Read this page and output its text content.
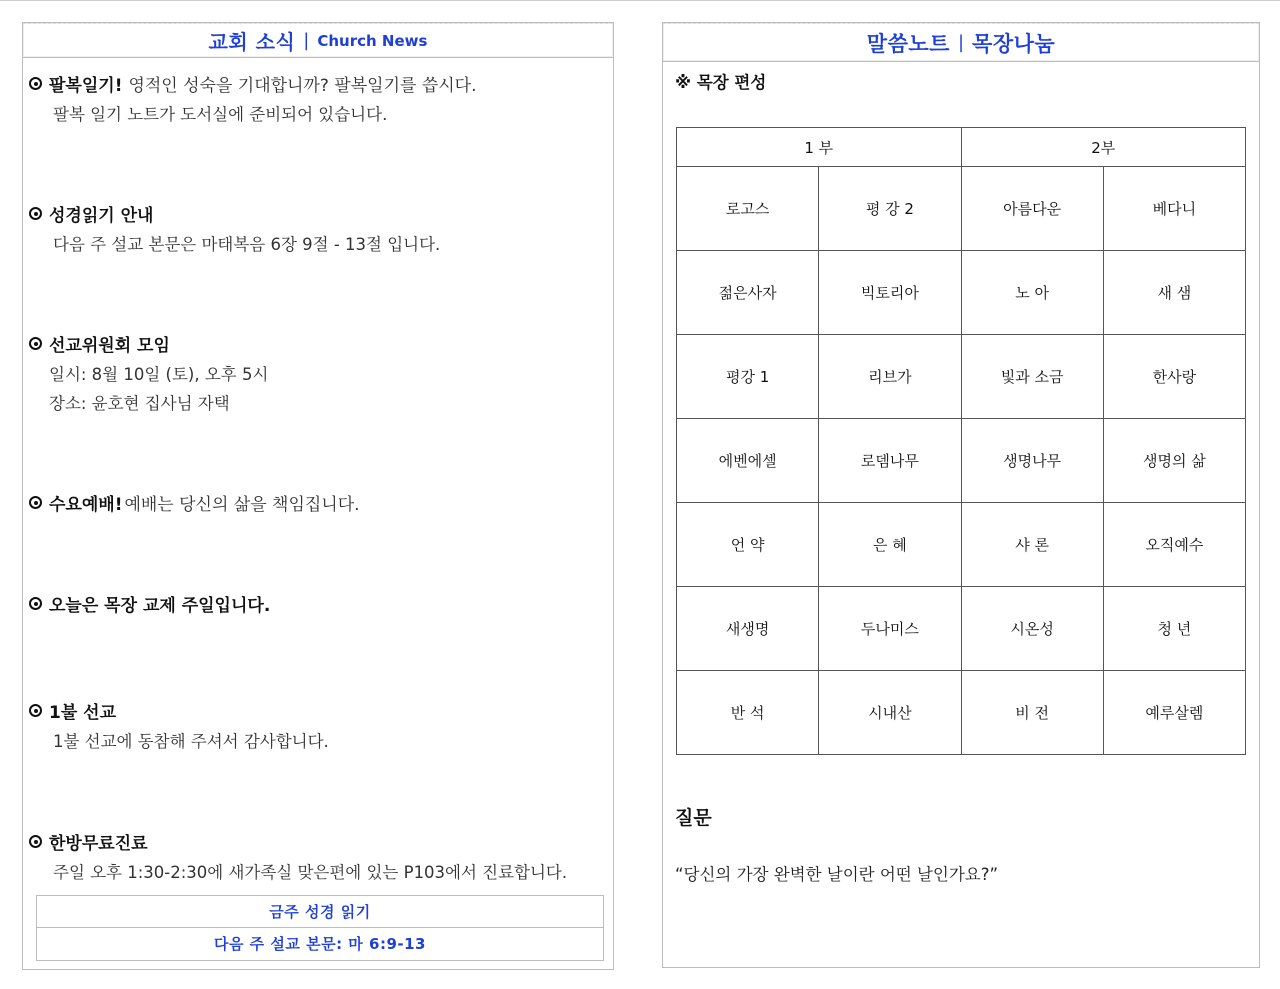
교회 소식 | Church News
팔복일기! 영적인 성숙을 기대합니까? 팔복일기를 씁시다.
팔복 일기 노트가 도서실에 준비되어 있습니다.
성경읽기 안내
다음 주 설교 본문은 마태복음 6장 9절 - 13절 입니다.
선교위원회 모임
일시: 8월 10일 (토), 오후 5시
장소: 윤호현 집사님 자택
수요예배! 예배는 당신의 삶을 책임집니다.
오늘은 목장 교제 주일입니다.
1불 선교
1불 선교에 동참해 주셔서 감사합니다.
한방무료진료
주일 오후 1:30-2:30에 새가족실 맞은편에 있는 P103에서 진료합니다.
금주 성경 읽기
다음 주 설교 본문: 마 6:9-13
말씀노트 | 목장나눔
※ 목장 편성
1 부		2부	
로고스	평 강 2	아름다운	베다니
젊은사자	빅토리아	노 아	새 샘
평강 1	리브가	빛과 소금	한사랑
에벤에셀	로뎀나무	생명나무	생명의 삶
언 약	은 혜	샤 론	오직예수
새생명	두나미스	시온성	청 년
반 석	시내산	비 전	예루살렘
질문
“당신의 가장 완벽한 날이란 어떤 날인가요?”
